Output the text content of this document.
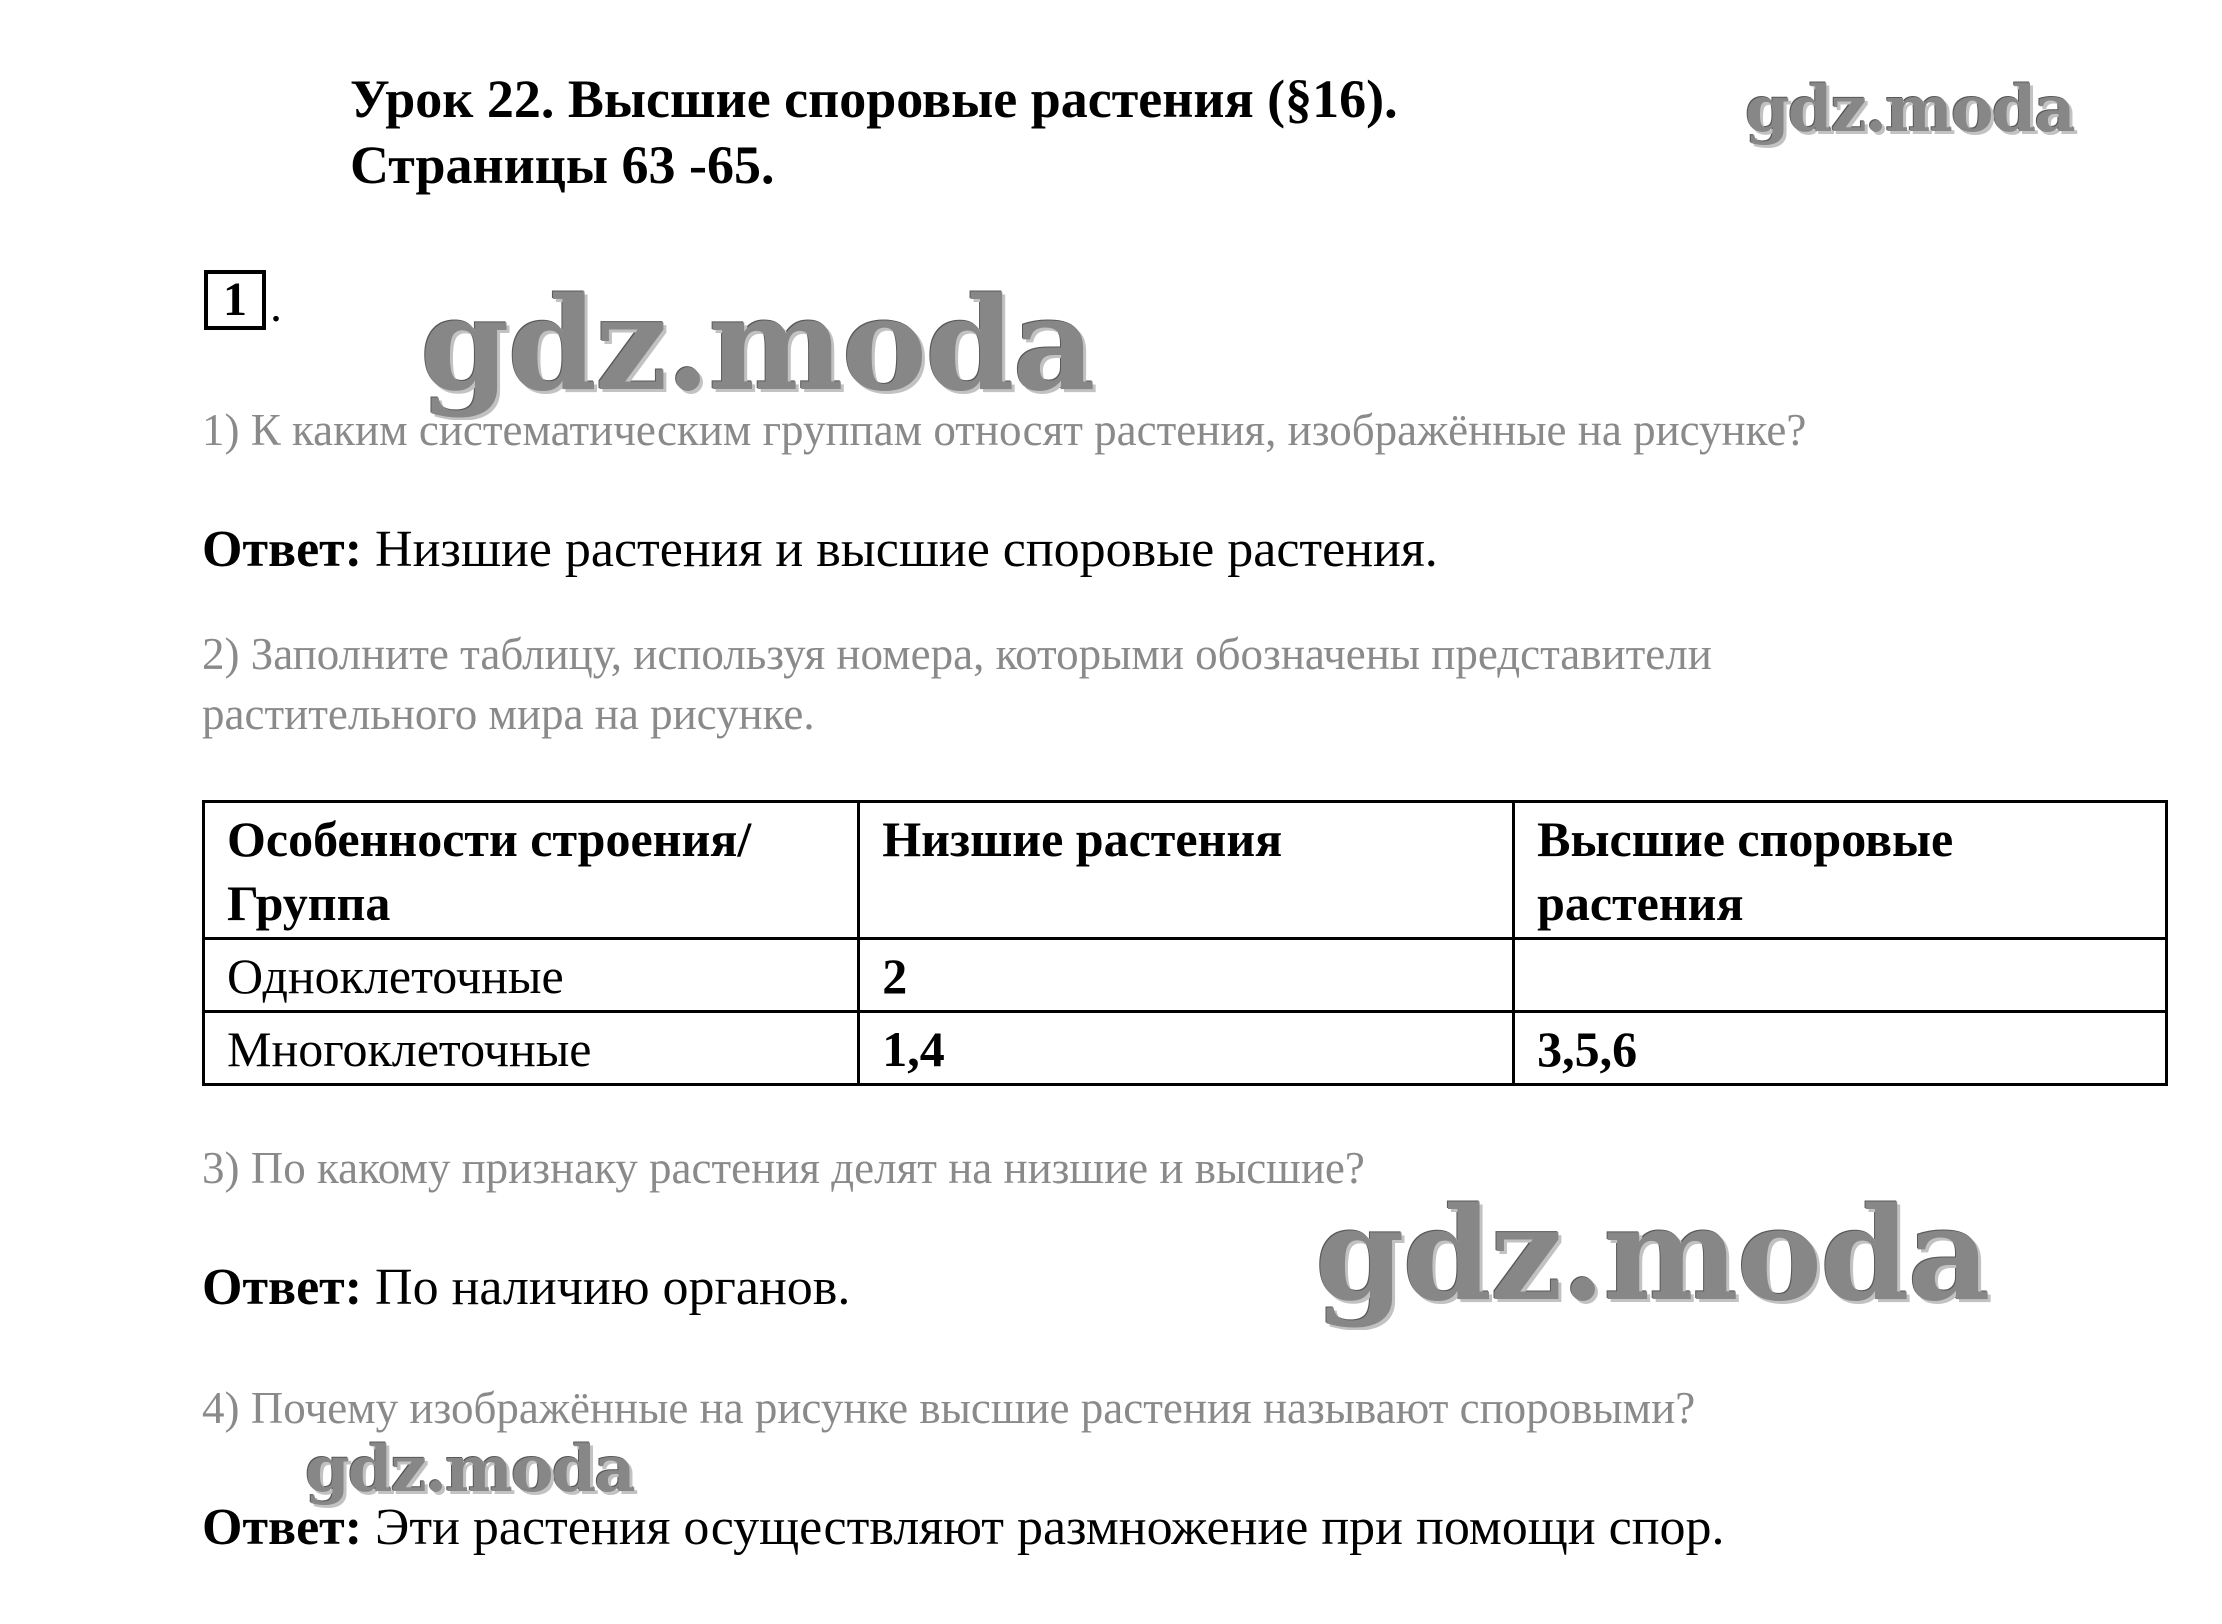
Урок 22. Высшие споровые растения (§16).
Страницы 63 -65.
gdz.moda
gdz.moda
gdz.moda
gdz.moda
1 .
1) К каким систематическим группам относят растения, изображённые на рисунке?
Ответ: Низшие растения и высшие споровые растения.
2) Заполните таблицу, используя номера, которыми обозначены представители
растительного мира на рисунке.
Особенности строения/Группа	Низшие растения	Высшие споровые растения
Одноклеточные	2	
Многоклеточные	1,4	3,5,6
3) По какому признаку растения делят на низшие и высшие?
Ответ: По наличию органов.
4) Почему изображённые на рисунке высшие растения называют споровыми?
Ответ: Эти растения осуществляют размножение при помощи спор.
